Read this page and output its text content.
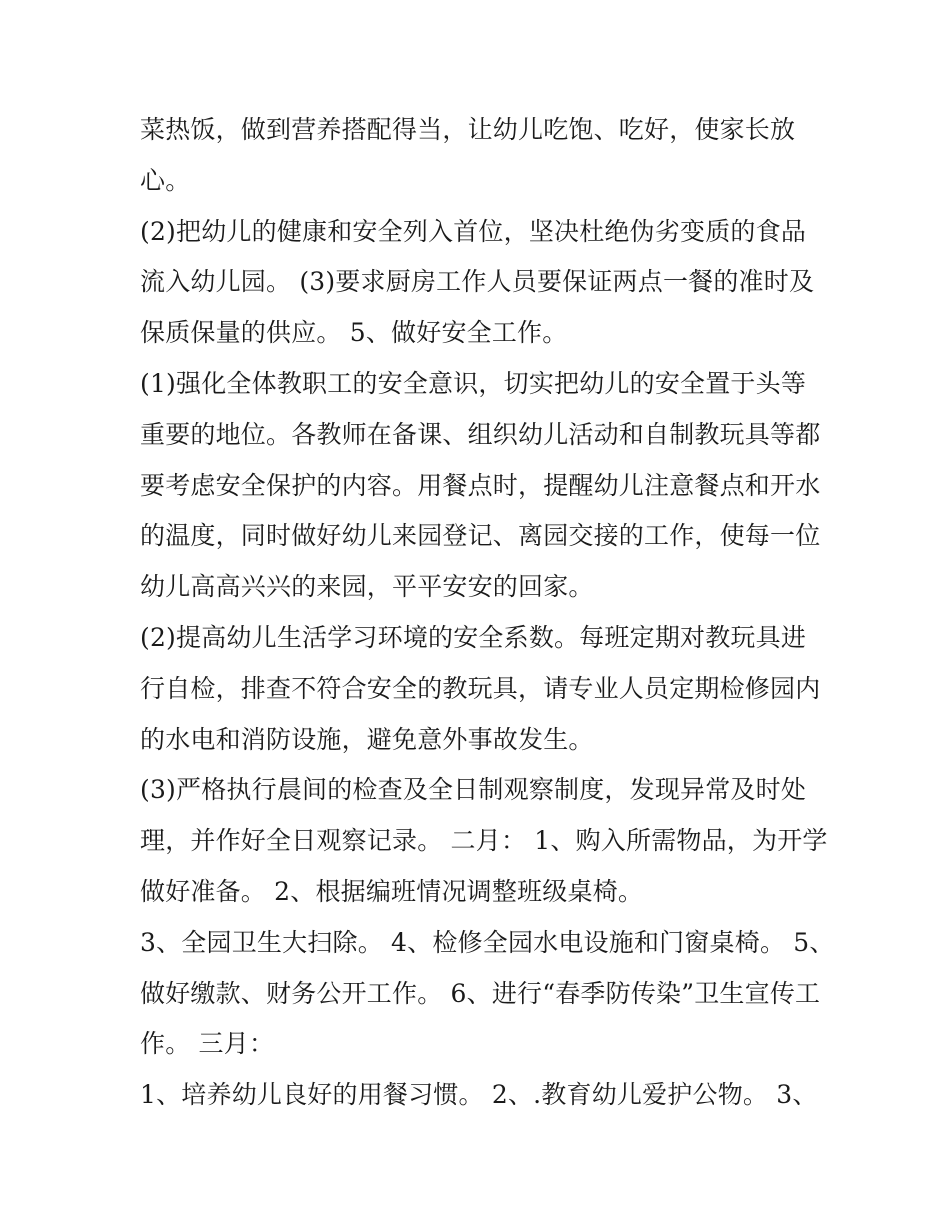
菜热饭，做到营养搭配得当，让幼儿吃饱、吃好，使家长放
心。
(2)把幼儿的健康和安全列入首位，坚决杜绝伪劣变质的食品
流入幼儿园。 (3)要求厨房工作人员要保证两点一餐的准时及
保质保量的供应。 5、做好安全工作。
(1)强化全体教职工的安全意识，切实把幼儿的安全置于头等
重要的地位。各教师在备课、组织幼儿活动和自制教玩具等都
要考虑安全保护的内容。用餐点时，提醒幼儿注意餐点和开水
的温度，同时做好幼儿来园登记、离园交接的工作，使每一位
幼儿高高兴兴的来园，平平安安的回家。
(2)提高幼儿生活学习环境的安全系数。每班定期对教玩具进
行自检，排查不符合安全的教玩具，请专业人员定期检修园内
的水电和消防设施，避免意外事故发生。
(3)严格执行晨间的检查及全日制观察制度，发现异常及时处
理，并作好全日观察记录。 二月： 1、购入所需物品，为开学
做好准备。 2、根据编班情况调整班级桌椅。
3、全园卫生大扫除。 4、检修全园水电设施和门窗桌椅。 5、
做好缴款、财务公开工作。 6、进行“春季防传染”卫生宣传工
作。 三月：
1、培养幼儿良好的用餐习惯。 2、.教育幼儿爱护公物。 3、
